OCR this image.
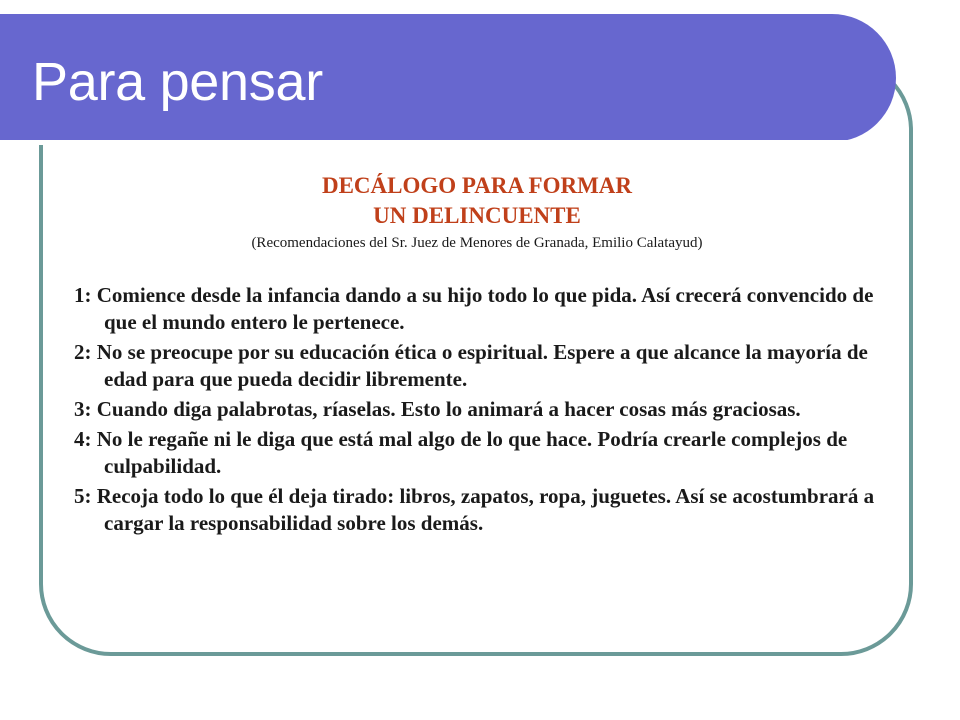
Para pensar

DECÁLOGO PARA FORMAR

UN DELINCUENTE

(Recomendaciones del Sr. Juez de Menores de Granada, Emilio Calatayud)

1: Comience desde la infancia dando a su hijo todo lo que pida. Así crecerá convencido de que el mundo entero le pertenece.
2: No se preocupe por su educación ética o espiritual. Espere a que alcance la mayoría de edad para que pueda decidir libremente.
3: Cuando diga palabrotas, ríaselas. Esto lo animará a hacer cosas más graciosas.
4: No le regañe ni le diga que está mal algo de lo que hace. Podría crearle complejos de culpabilidad.
5: Recoja todo lo que él deja tirado: libros, zapatos, ropa, juguetes. Así se acostumbrará a cargar la responsabilidad sobre los demás.
